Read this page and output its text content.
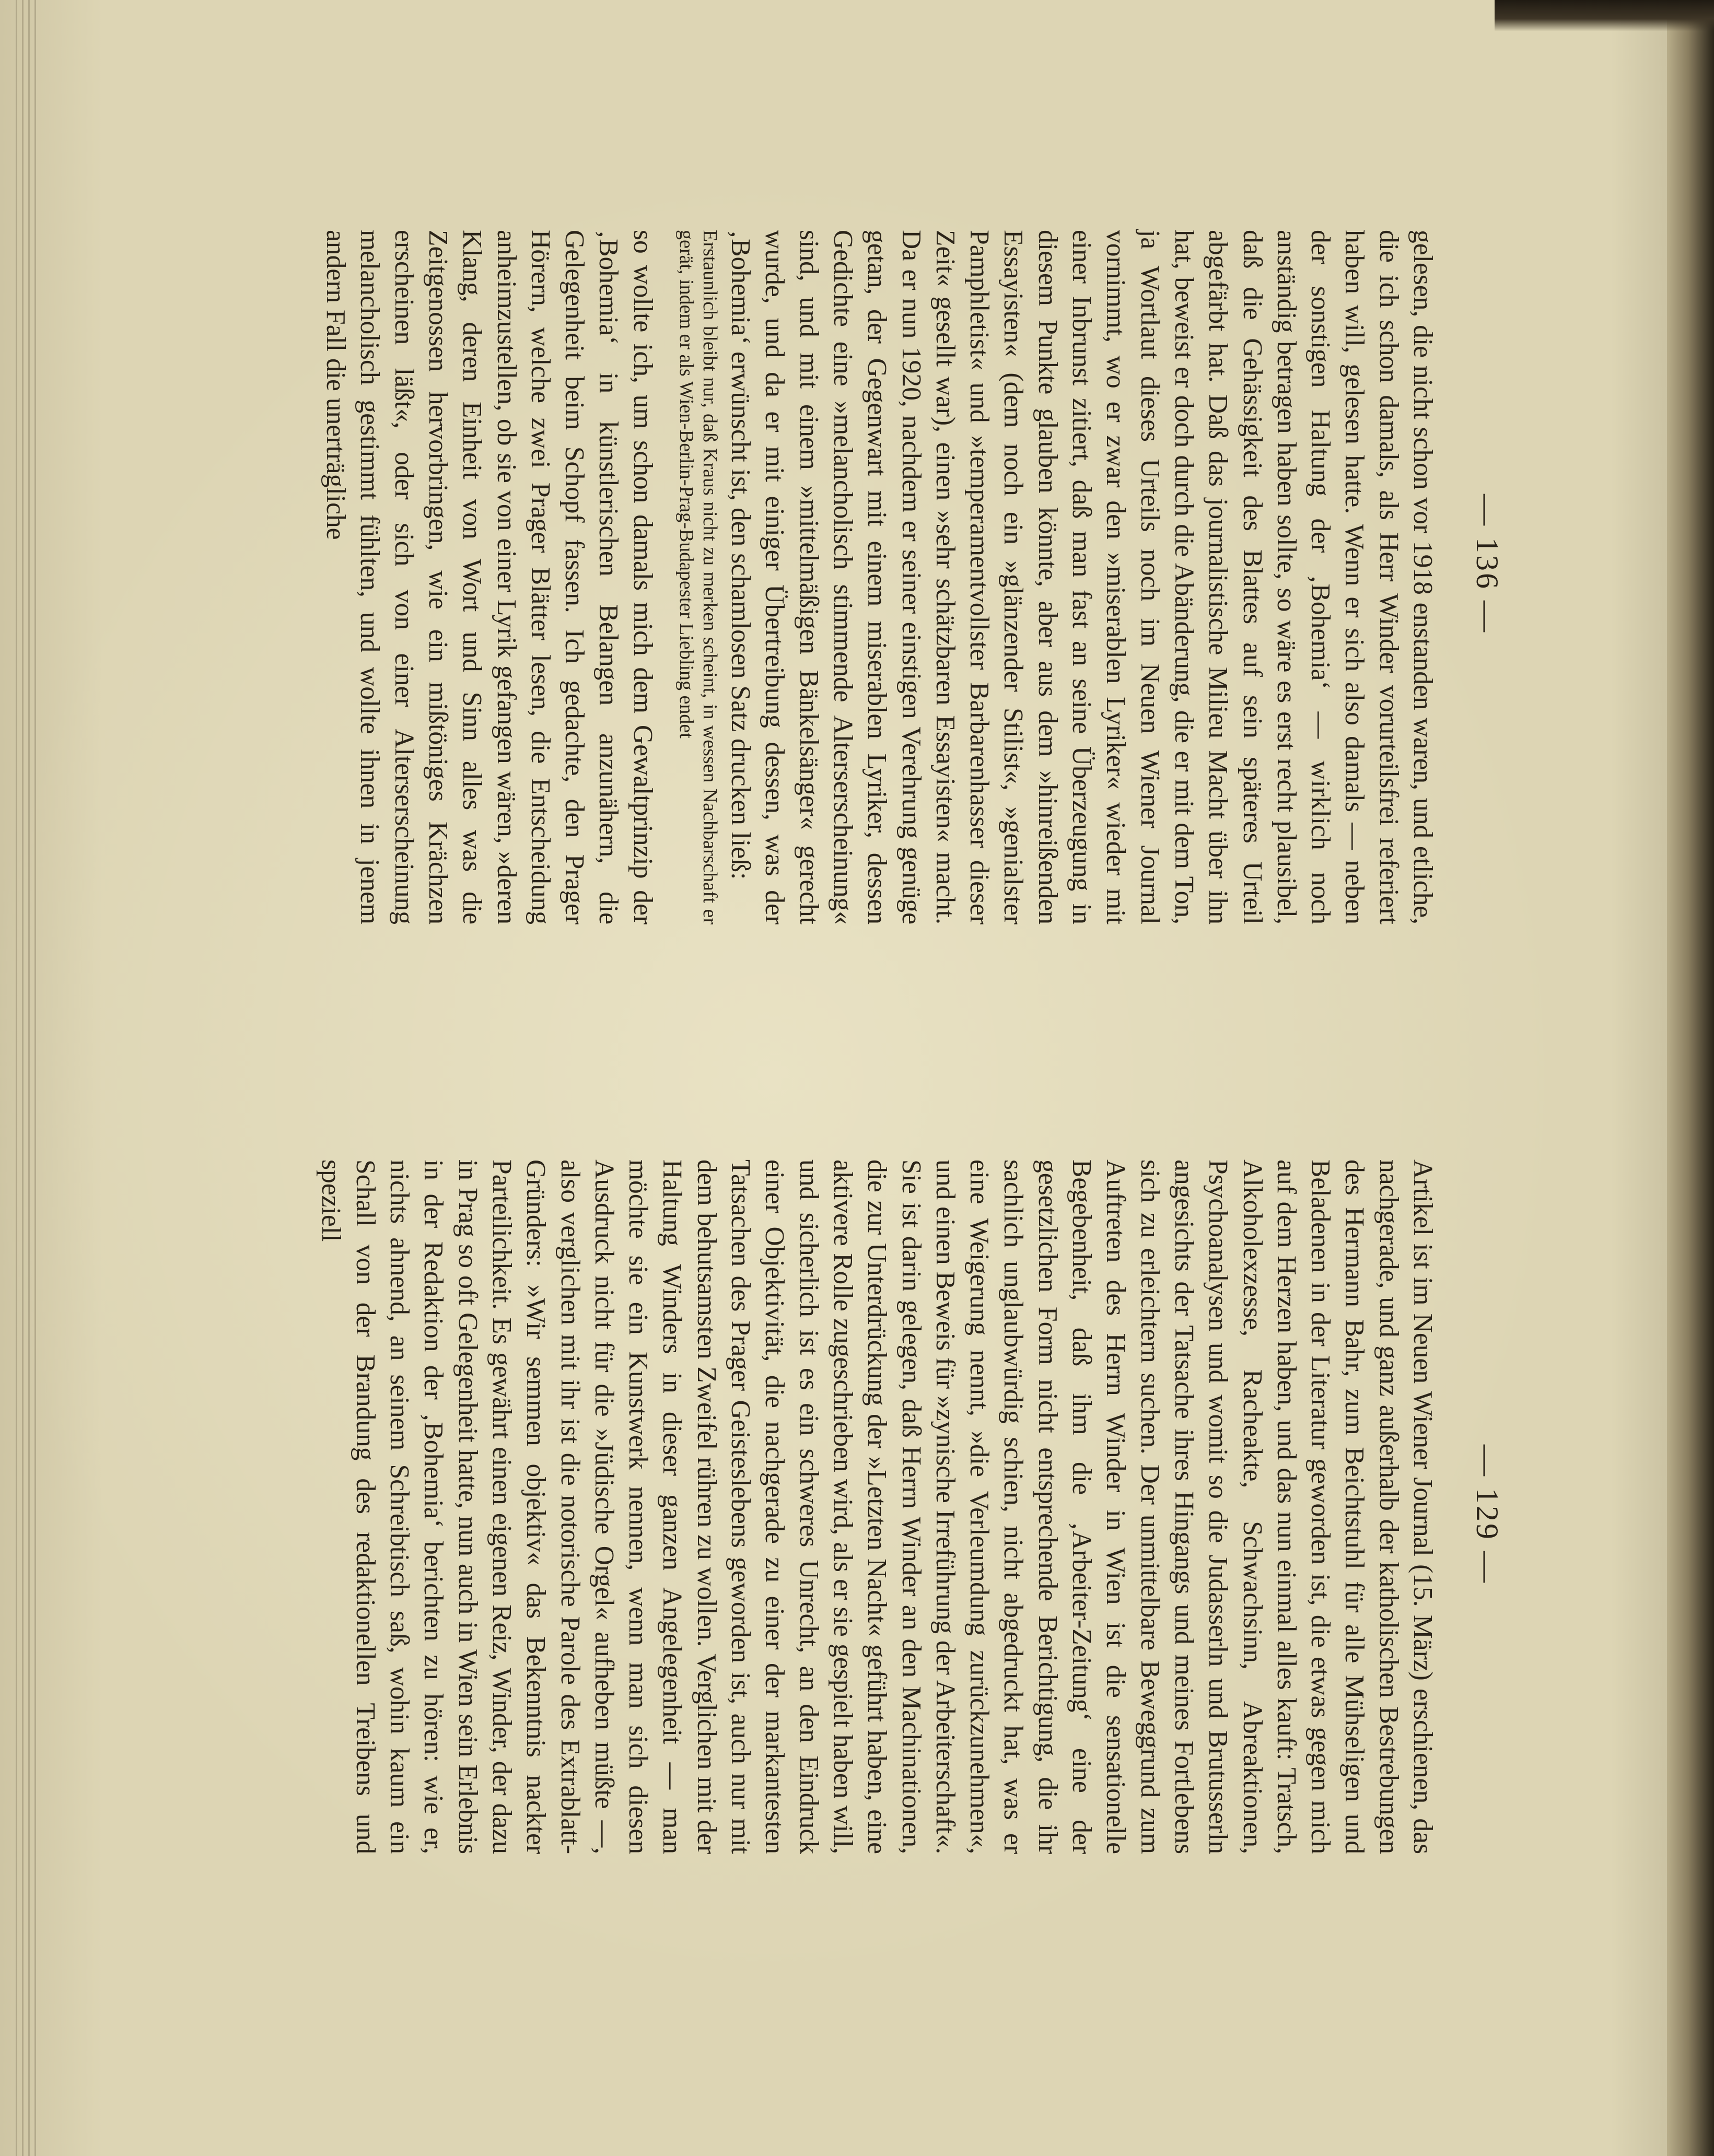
— 136 —
— 129 —

gelesen, die nicht schon vor 1918 enstanden waren, und etliche, die ich schon damals, als Herr Winder vorurteilsfrei referiert haben will, gelesen hatte. Wenn er sich also damals — neben der sonstigen Haltung der ‚Bohemia‘ — wirklich noch anständig betragen haben sollte, so wäre es erst recht plausibel, daß die Gehässigkeit des Blattes auf sein späteres Urteil abgefärbt hat. Daß das journalistische Milieu Macht über ihn hat, beweist er doch durch die Abänderung, die er mit dem Ton, ja Wortlaut dieses Urteils noch im Neuen Wiener Journal vornimmt, wo er zwar den »miserablen Lyriker« wieder mit einer Inbrunst zitiert, daß man fast an seine Überzeugung in diesem Punkte glauben könnte, aber aus dem »hinreißenden Essayisten« (dem noch ein »glänzender Stilist«, »genialster Pamphletist« und »temperamentvollster Barbarenhasser dieser Zeit« gesellt war), einen »sehr schätzbaren Essayisten« macht. Da er nun 1920, nachdem er seiner einstigen Verehrung genüge getan, der Gegenwart mit einem miserablen Lyriker, dessen Gedichte eine »melancholisch stimmende Alterserscheinung« sind, und mit einem »mittelmäßigen Bänkelsänger« gerecht wurde, und da er mit einiger Übertreibung dessen, was der ‚Bohemia‘ erwünscht ist, den schamlosen Satz drucken ließ:

Erstaunlich bleibt nur, daß Kraus nicht zu merken scheint, in wessen Nachbarschaft er gerät, indem er als Wien-Berlin-Prag-Budapester Liebling endet

so wollte ich, um schon damals mich dem Gewaltprinzip der ‚Bohemia‘ in künstlerischen Belangen anzunähern, die Gelegenheit beim Schopf fassen. Ich gedachte, den Prager Hörern, welche zwei Prager Blätter lesen, die Entscheidung anheimzustellen, ob sie von einer Lyrik gefangen wären, »deren Klang, deren Einheit von Wort und Sinn alles was die Zeitgenossen hervorbringen, wie ein mißtöniges Krächzen erscheinen läßt«, oder sich von einer Alterserscheinung melancholisch gestimmt fühlten, und wollte ihnen in jenem andern Fall die unerträgliche

Artikel ist im Neuen Wiener Journal (15. März) erschienen, das nachgerade, und ganz außerhalb der katholischen Bestrebungen des Hermann Bahr, zum Beichtstuhl für alle Mühseligen und Beladenen in der Literatur geworden ist, die etwas gegen mich auf dem Herzen haben, und das nun einmal alles kauft: Tratsch, Alkoholexzesse, Racheakte, Schwachsinn, Abreaktionen, Psychoanalysen und womit so die Judasserln und Brutusserln angesichts der Tatsache ihres Hingangs und meines Fortlebens sich zu erleichtern suchen. Der unmittelbare Beweggrund zum Auftreten des Herrn Winder in Wien ist die sensationelle Begebenheit, daß ihm die ‚Arbeiter-Zeitung‘ eine der gesetzlichen Form nicht entsprechende Berichtigung, die ihr sachlich unglaubwürdig schien, nicht abgedruckt hat, was er eine Weigerung nennt, »die Verleumdung zurückzunehmen«, und einen Beweis für »zynische Irreführung der Arbeiterschaft«. Sie ist darin gelegen, daß Herrn Winder an den Machinationen, die zur Unterdrückung der »Letzten Nacht« geführt haben, eine aktivere Rolle zugeschrieben wird, als er sie gespielt haben will, und sicherlich ist es ein schweres Unrecht, an den Eindruck einer Objektivität, die nachgerade zu einer der markantesten Tatsachen des Prager Geisteslebens geworden ist, auch nur mit dem behutsamsten Zweifel rühren zu wollen. Verglichen mit der Haltung Winders in dieser ganzen Angelegenheit — man möchte sie ein Kunstwerk nennen, wenn man sich diesen Ausdruck nicht für die »Jüdische Orgel« aufheben müßte —, also verglichen mit ihr ist die notorische Parole des Extrablatt-Gründers: »Wir semmen objektiv« das Bekenntnis nackter Parteilichkeit. Es gewährt einen eigenen Reiz, Winder, der dazu in Prag so oft Gelegenheit hatte, nun auch in Wien sein Erlebnis in der Redaktion der ‚Bohemia‘ berichten zu hören: wie er, nichts ahnend, an seinem Schreibtisch saß, wohin kaum ein Schall von der Brandung des redaktionellen Treibens und speziell
